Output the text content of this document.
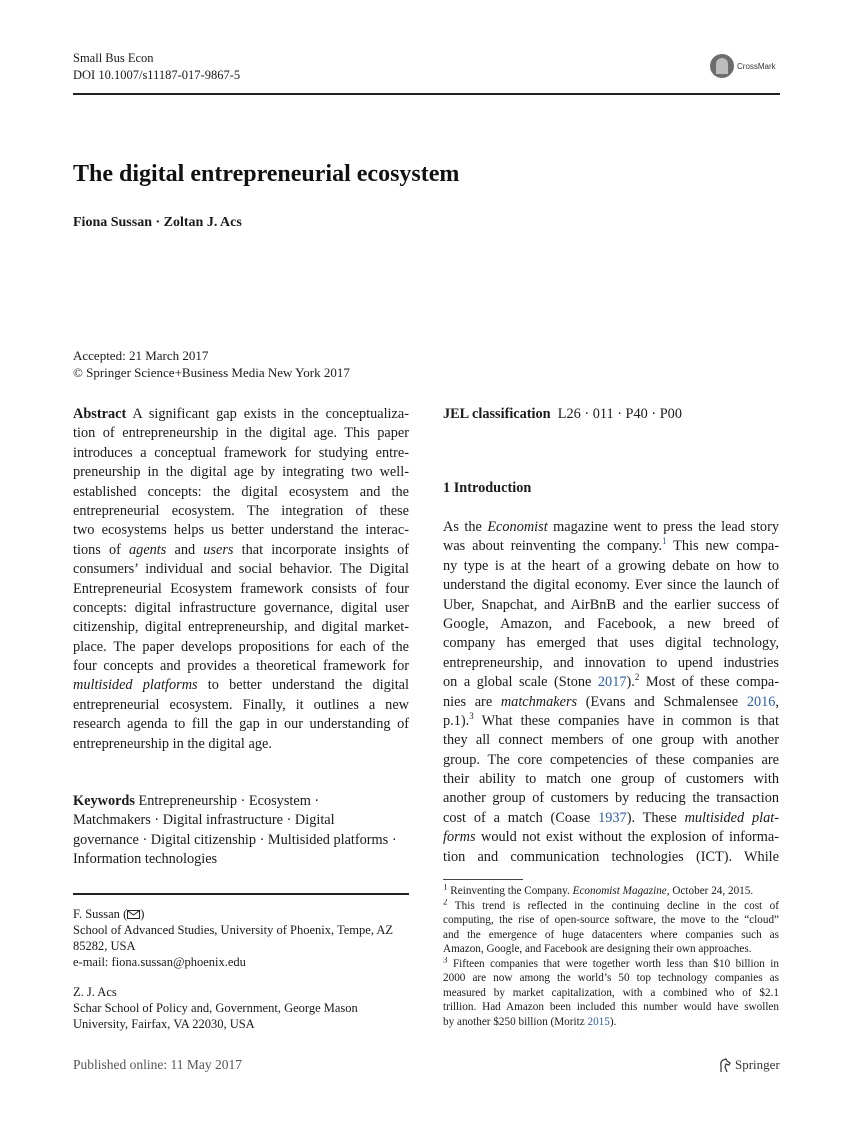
Small Bus Econ
DOI 10.1007/s11187-017-9867-5
CrossMark
The digital entrepreneurial ecosystem
Fiona Sussan · Zoltan J. Acs
Accepted: 21 March 2017
© Springer Science+Business Media New York 2017
Abstract A significant gap exists in the conceptualiza-
tion of entrepreneurship in the digital age. This paper
introduces a conceptual framework for studying entre-
preneurship in the digital age by integrating two well-
established concepts: the digital ecosystem and the
entrepreneurial ecosystem. The integration of these
two ecosystems helps us better understand the interac-
tions of agents and users that incorporate insights of
consumers’ individual and social behavior. The Digital
Entrepreneurial Ecosystem framework consists of four
concepts: digital infrastructure governance, digital user
citizenship, digital entrepreneurship, and digital market-
place. The paper develops propositions for each of the
four concepts and provides a theoretical framework for
multisided platforms to better understand the digital
entrepreneurial ecosystem. Finally, it outlines a new
research agenda to fill the gap in our understanding of
entrepreneurship in the digital age.
Keywords Entrepreneurship · Ecosystem ·
Matchmakers · Digital infrastructure · Digital
governance · Digital citizenship · Multisided platforms ·
Information technologies
F. Sussan ( )
School of Advanced Studies, University of Phoenix, Tempe, AZ
85282, USA
e-mail: fiona.sussan@phoenix.edu
Z. J. Acs
Schar School of Policy and, Government, George Mason
University, Fairfax, VA 22030, USA
JEL classification L26 · 011 · P40 · P00
1 Introduction
As the Economist magazine went to press the lead story
was about reinventing the company.$^1$ This new compa-
ny type is at the heart of a growing debate on how to
understand the digital economy. Ever since the launch of
Uber, Snapchat, and AirBnB and the earlier success of
Google, Amazon, and Facebook, a new breed of
company has emerged that uses digital technology,
entrepreneurship, and innovation to upend industries
on a global scale (Stone 2017).$^2$ Most of these compa-
nies are matchmakers (Evans and Schmalensee 2016,
p.1).$^3$ What these companies have in common is that
they all connect members of one group with another
group. The core competencies of these companies are
their ability to match one group of customers with
another group of customers by reducing the transaction
cost of a match (Coase 1937). These multisided plat-
forms would not exist without the explosion of informa-
tion and communication technologies (ICT). While
$^1$ Reinventing the Company. Economist Magazine, October 24, 2015.
$^2$ This trend is reflected in the continuing decline in the cost of
computing, the rise of open-source software, the move to the “cloud”
and the emergence of huge datacenters where companies such as
Amazon, Google, and Facebook are designing their own approaches.
$^3$ Fifteen companies that were together worth less than $10 billion in
2000 are now among the world’s 50 top technology companies as
measured by market capitalization, with a combined who of $2.1
trillion. Had Amazon been included this number would have swollen
by another $250 billion (Moritz 2015).
Published online: 11 May 2017	Springer
